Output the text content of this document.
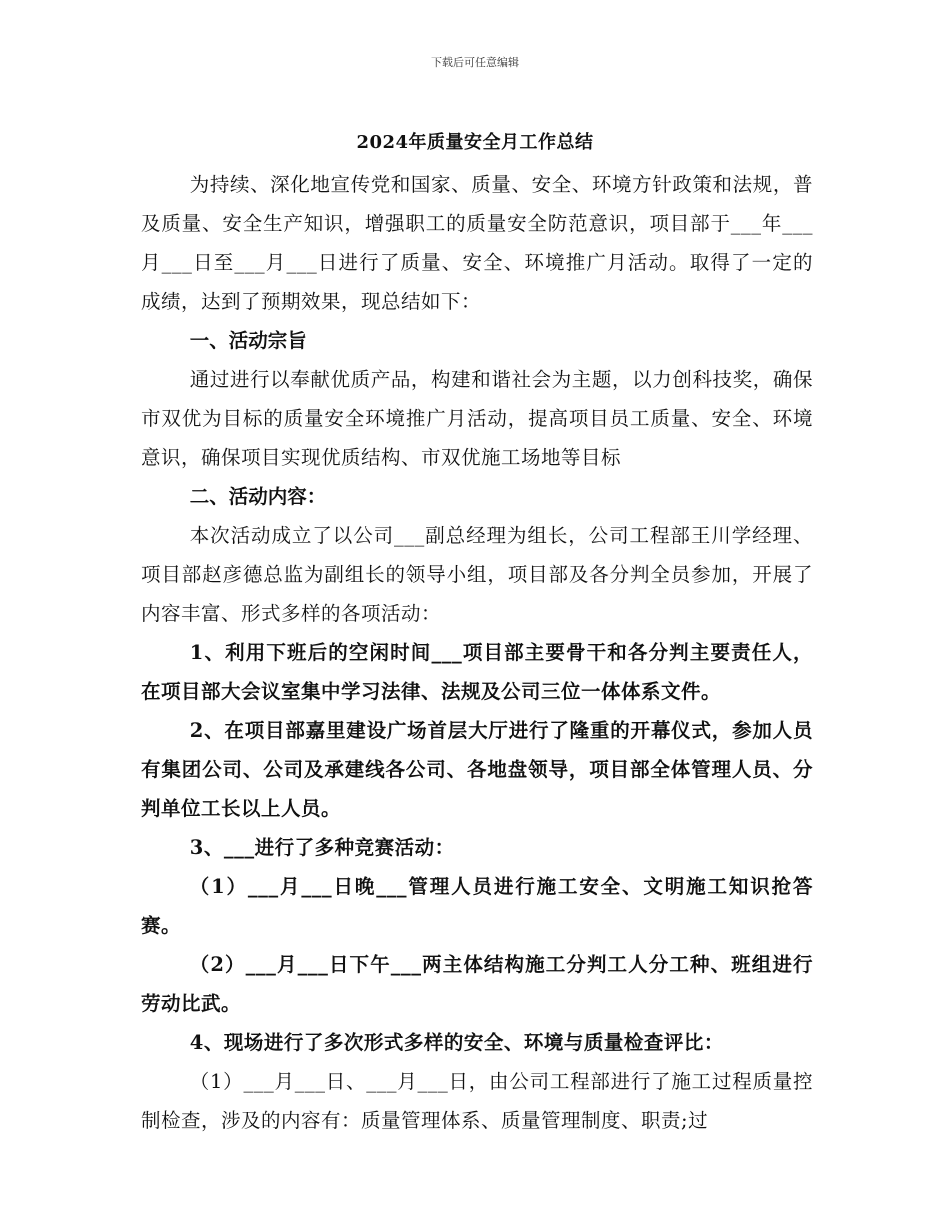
下载后可任意编辑
2024年质量安全月工作总结

为持续、深化地宣传党和国家、质量、安全、环境方针政策和法规，普及质量、安全生产知识，增强职工的质量安全防范意识，项目部于___年___月___日至___月___日进行了质量、安全、环境推广月活动。取得了一定的成绩，达到了预期效果，现总结如下：

一、活动宗旨

通过进行以奉献优质产品，构建和谐社会为主题，以力创科技奖，确保市双优为目标的质量安全环境推广月活动，提高项目员工质量、安全、环境意识，确保项目实现优质结构、市双优施工场地等目标

二、活动内容：

本次活动成立了以公司___副总经理为组长，公司工程部王川学经理、项目部赵彦德总监为副组长的领导小组，项目部及各分判全员参加，开展了内容丰富、形式多样的各项活动：

1、利用下班后的空闲时间___项目部主要骨干和各分判主要责任人，在项目部大会议室集中学习法律、法规及公司三位一体体系文件。

2、在项目部嘉里建设广场首层大厅进行了隆重的开幕仪式，参加人员有集团公司、公司及承建线各公司、各地盘领导，项目部全体管理人员、分判单位工长以上人员。

3、___进行了多种竞赛活动：

（1）___月___日晚___管理人员进行施工安全、文明施工知识抢答赛。

（2）___月___日下午___两主体结构施工分判工人分工种、班组进行劳动比武。

4、现场进行了多次形式多样的安全、环境与质量检查评比：

（1）___月___日、___月___日，由公司工程部进行了施工过程质量控制检查，涉及的内容有：质量管理体系、质量管理制度、职责;过
